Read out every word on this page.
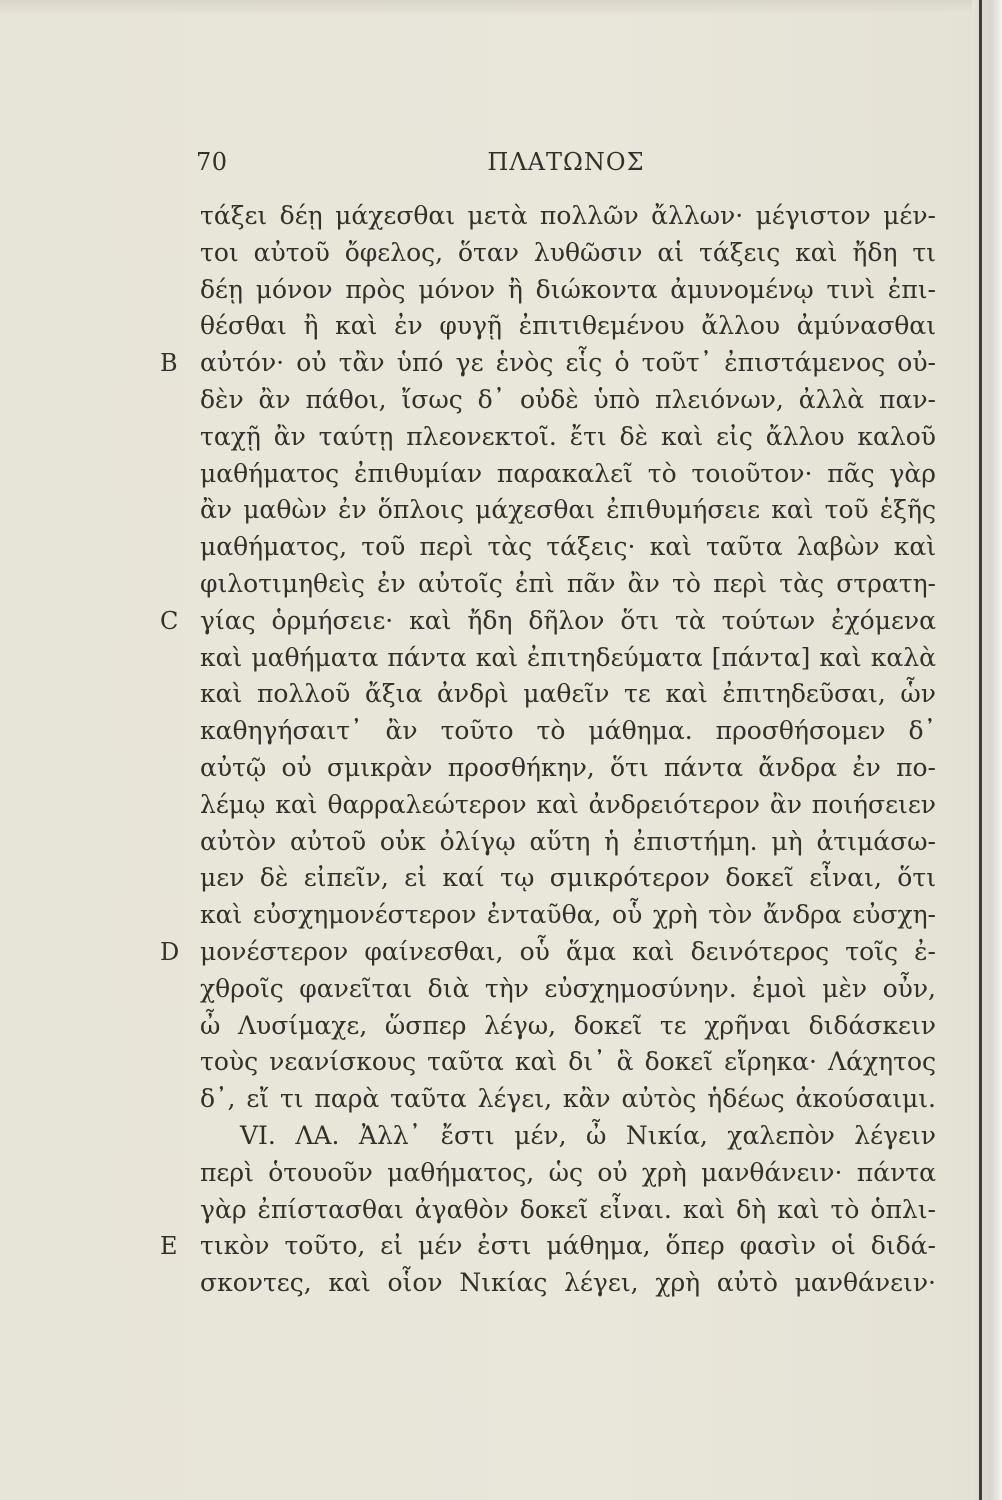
ΠΛΑΤΩΝΟΣ
70
τάξει δέῃ μάχεσθαι μετὰ πολλῶν ἄλλων· μέγιστον μέν-
τοι αὐτοῦ ὄφελος, ὅταν λυθῶσιν αἱ τάξεις καὶ ἤδη τι
δέῃ μόνον πρὸς μόνον ἢ διώκοντα ἀμυνομένῳ τινὶ ἐπι-
θέσθαι ἢ καὶ ἐν φυγῇ ἐπιτιθεμένου ἄλλου ἀμύνασθαι
B αὐτόν· οὐ τἂν ὑπό γε ἑνὸς εἷς ὁ τοῦτ᾽ ἐπιστάμενος οὐ-
δὲν ἂν πάθοι, ἴσως δ᾽ οὐδὲ ὑπὸ πλειόνων, ἀλλὰ παν-
ταχῇ ἂν ταύτῃ πλεονεκτοῖ. ἔτι δὲ καὶ εἰς ἄλλου καλοῦ
μαθήματος ἐπιθυμίαν παρακαλεῖ τὸ τοιοῦτον· πᾶς γὰρ
ἂν μαθὼν ἐν ὅπλοις μάχεσθαι ἐπιθυμήσειε καὶ τοῦ ἑξῆς
μαθήματος, τοῦ περὶ τὰς τάξεις· καὶ ταῦτα λαβὼν καὶ
φιλοτιμηθεὶς ἐν αὐτοῖς ἐπὶ πᾶν ἂν τὸ περὶ τὰς στρατη-
C γίας ὁρμήσειε· καὶ ἤδη δῆλον ὅτι τὰ τούτων ἐχόμενα
καὶ μαθήματα πάντα καὶ ἐπιτηδεύματα [πάντα] καὶ καλὰ
καὶ πολλοῦ ἄξια ἀνδρὶ μαθεῖν τε καὶ ἐπιτηδεῦσαι, ὧν
καθηγήσαιτ᾽ ἂν τοῦτο τὸ μάθημα. προσθήσομεν δ᾽
αὐτῷ οὐ σμικρὰν προσθήκην, ὅτι πάντα ἄνδρα ἐν πο-
λέμῳ καὶ θαρραλεώτερον καὶ ἀνδρειότερον ἂν ποιήσειεν
αὐτὸν αὐτοῦ οὐκ ὀλίγῳ αὕτη ἡ ἐπιστήμη. μὴ ἀτιμάσω-
μεν δὲ εἰπεῖν, εἰ καί τῳ σμικρότερον δοκεῖ εἶναι, ὅτι
καὶ εὐσχημονέστερον ἐνταῦθα, οὗ χρὴ τὸν ἄνδρα εὐσχη-
D μονέστερον φαίνεσθαι, οὗ ἅμα καὶ δεινότερος τοῖς ἐ-
χθροῖς φανεῖται διὰ τὴν εὐσχημοσύνην. ἐμοὶ μὲν οὖν,
ὦ Λυσίμαχε, ὥσπερ λέγω, δοκεῖ τε χρῆναι διδάσκειν
τοὺς νεανίσκους ταῦτα καὶ δι᾽ ἃ δοκεῖ εἴρηκα· Λάχητος
δ᾽, εἴ τι παρὰ ταῦτα λέγει, κἂν αὐτὸς ἡδέως ἀκούσαιμι.
VI. ΛΑ. Ἀλλ᾽ ἔστι μέν, ὦ Νικία, χαλεπὸν λέγειν
περὶ ὁτουοῦν μαθήματος, ὡς οὐ χρὴ μανθάνειν· πάντα
γὰρ ἐπίστασθαι ἀγαθὸν δοκεῖ εἶναι. καὶ δὴ καὶ τὸ ὁπλι-
E τικὸν τοῦτο, εἰ μέν ἐστι μάθημα, ὅπερ φασὶν οἱ διδά-
σκοντες, καὶ οἷον Νικίας λέγει, χρὴ αὐτὸ μανθάνειν·
